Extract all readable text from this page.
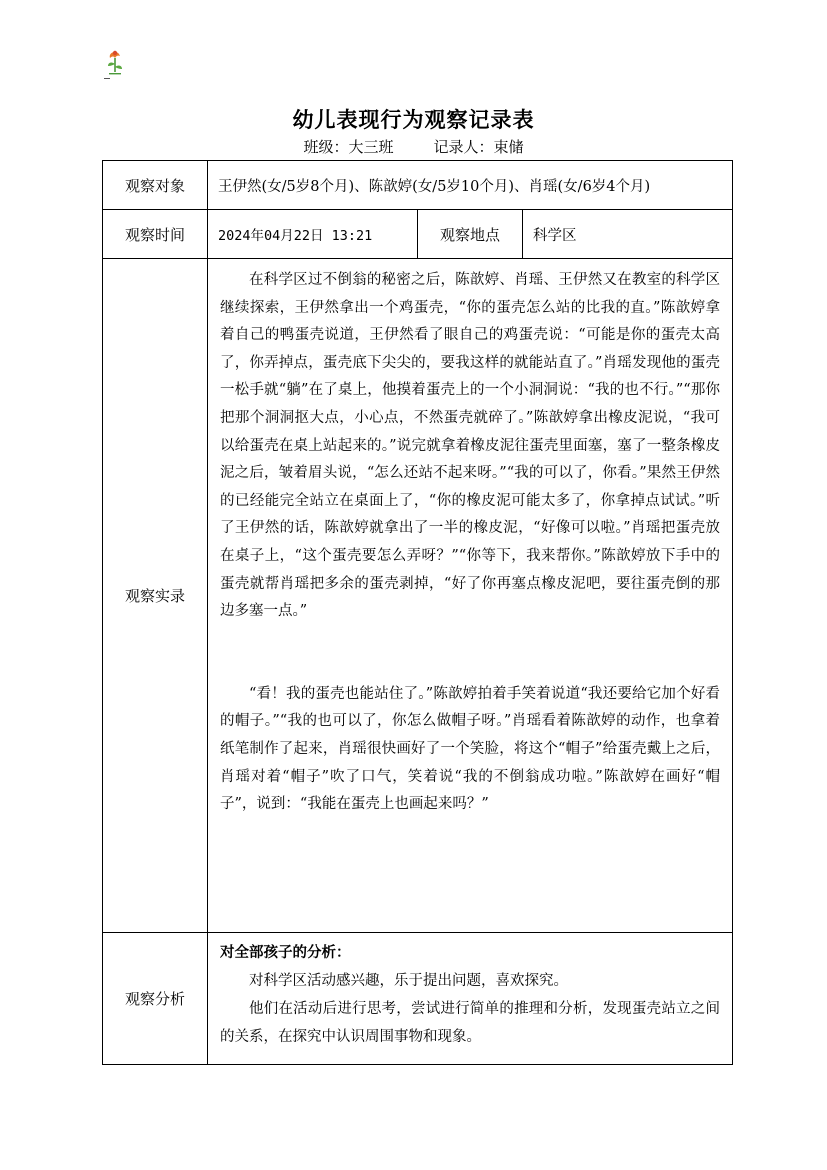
幼儿表现行为观察记录表
班级：大三班	记录人：束储
观察对象	王伊然(女/5岁8个月)、陈歆婷(女/5岁10个月)、肖瑶(女/6岁4个月)		
观察时间	2024年04月22日 13:21	观察地点	科学区
观察实录	在科学区过不倒翁的秘密之后，陈歆婷、肖瑶、王伊然又在教室的科学区继续探索，王伊然拿出一个鸡蛋壳，“你的蛋壳怎么站的比我的直。”陈歆婷拿着自己的鸭蛋壳说道，王伊然看了眼自己的鸡蛋壳说：“可能是你的蛋壳太高了，你弄掉点，蛋壳底下尖尖的，要我这样的就能站直了。”肖瑶发现他的蛋壳一松手就“躺”在了桌上，他摸着蛋壳上的一个小洞洞说：“我的也不行。”“那你把那个洞洞抠大点，小心点，不然蛋壳就碎了。”陈歆婷拿出橡皮泥说，“我可以给蛋壳在桌上站起来的。”说完就拿着橡皮泥往蛋壳里面塞，塞了一整条橡皮泥之后，皱着眉头说，“怎么还站不起来呀。”“我的可以了，你看。”果然王伊然的已经能完全站立在桌面上了，“你的橡皮泥可能太多了，你拿掉点试试。”听了王伊然的话，陈歆婷就拿出了一半的橡皮泥，“好像可以啦。”肖瑶把蛋壳放在桌子上，“这个蛋壳要怎么弄呀？”“你等下，我来帮你。”陈歆婷放下手中的蛋壳就帮肖瑶把多余的蛋壳剥掉，“好了你再塞点橡皮泥吧，要往蛋壳倒的那边多塞一点。”

“看！我的蛋壳也能站住了。”陈歆婷拍着手笑着说道“我还要给它加个好看的帽子。”“我的也可以了，你怎么做帽子呀。”肖瑶看着陈歆婷的动作，也拿着纸笔制作了起来，肖瑶很快画好了一个笑脸，将这个“帽子”给蛋壳戴上之后，肖瑶对着“帽子”吹了口气，笑着说“我的不倒翁成功啦。”陈歆婷在画好“帽子”，说到：“我能在蛋壳上也画起来吗？”		

观察分析	对全部孩子的分析：

对科学区活动感兴趣，乐于提出问题，喜欢探究。

他们在活动后进行思考，尝试进行简单的推理和分析，发现蛋壳站立之间的关系，在探究中认识周围事物和现象。		
